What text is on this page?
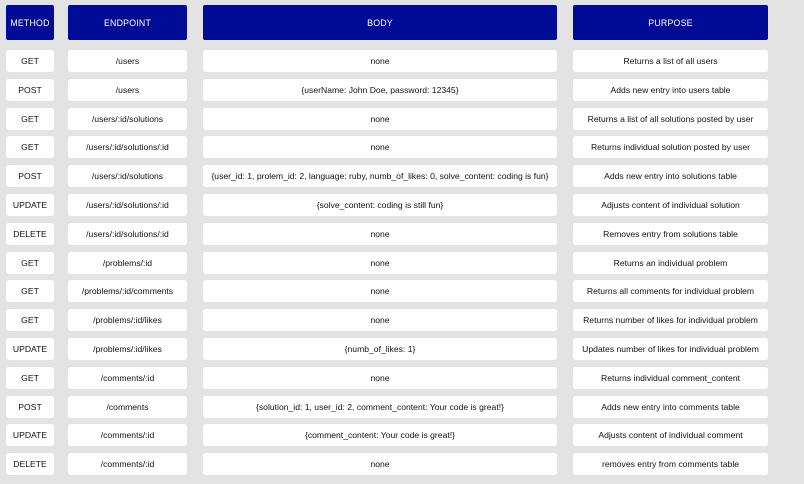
METHOD	ENDPOINT	BODY	PURPOSE
GET	/users	none	Returns a list of all users
POST	/users	{userName: John Doe, password: 12345}	Adds new entry into users table
GET	/users/:id/solutions	none	Returns a list of all solutions posted by user
GET	/users/:id/solutions/:id	none	Returns individual solution posted by user
POST	/users/:id/solutions	{user_id: 1, prolem_id: 2, language: ruby, numb_of_likes: 0, solve_content: coding is fun}	Adds new entry into solutions table
UPDATE	/users/:id/solutions/:id	{solve_content: coding is still fun}	Adjusts content of individual solution
DELETE	/users/:id/solutions/:id	none	Removes entry from solutions table
GET	/problems/:id	none	Returns an individual problem
GET	/problems/:id/comments	none	Returns all comments for individual problem
GET	/problems/:id/likes	none	Returns number of likes for individual problem
UPDATE	/problems/:id/likes	{numb_of_likes: 1}	Updates number of likes for individual problem
GET	/comments/:id	none	Returns individual comment_content
POST	/comments	{solution_id: 1, user_id: 2, comment_content: Your code is great!}	Adds new entry into comments table
UPDATE	/comments/:id	{comment_content: Your code is great!}	Adjusts content of individual comment
DELETE	/comments/:id	none	removes entry from comments table
